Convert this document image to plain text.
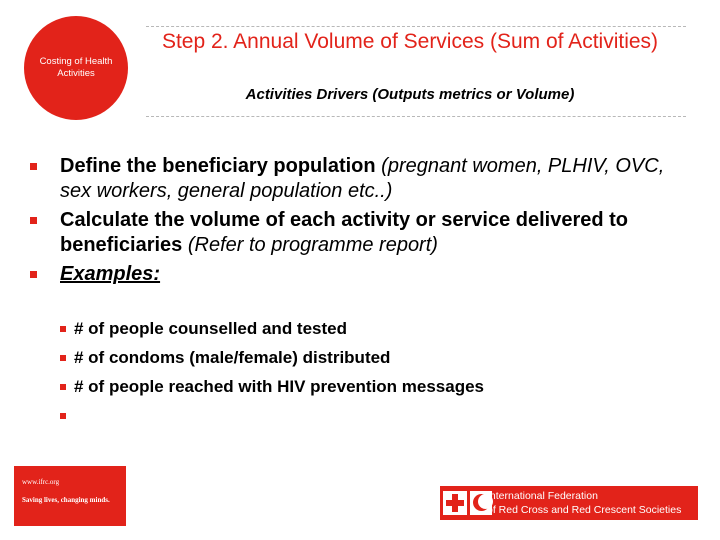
Costing of Health Activities
Step 2. Annual Volume of Services (Sum of Activities)
Activities Drivers (Outputs metrics or Volume)
Define the beneficiary population (pregnant women, PLHIV, OVC, sex workers, general population etc..)
Calculate the volume of each activity or service delivered to beneficiaries (Refer to programme report)
Examples:
# of people counselled and tested
# of condoms (male/female) distributed
# of people reached with HIV prevention messages
www.ifrc.org
Saving lives, changing minds.	International Federation
of Red Cross and Red Crescent Societies
